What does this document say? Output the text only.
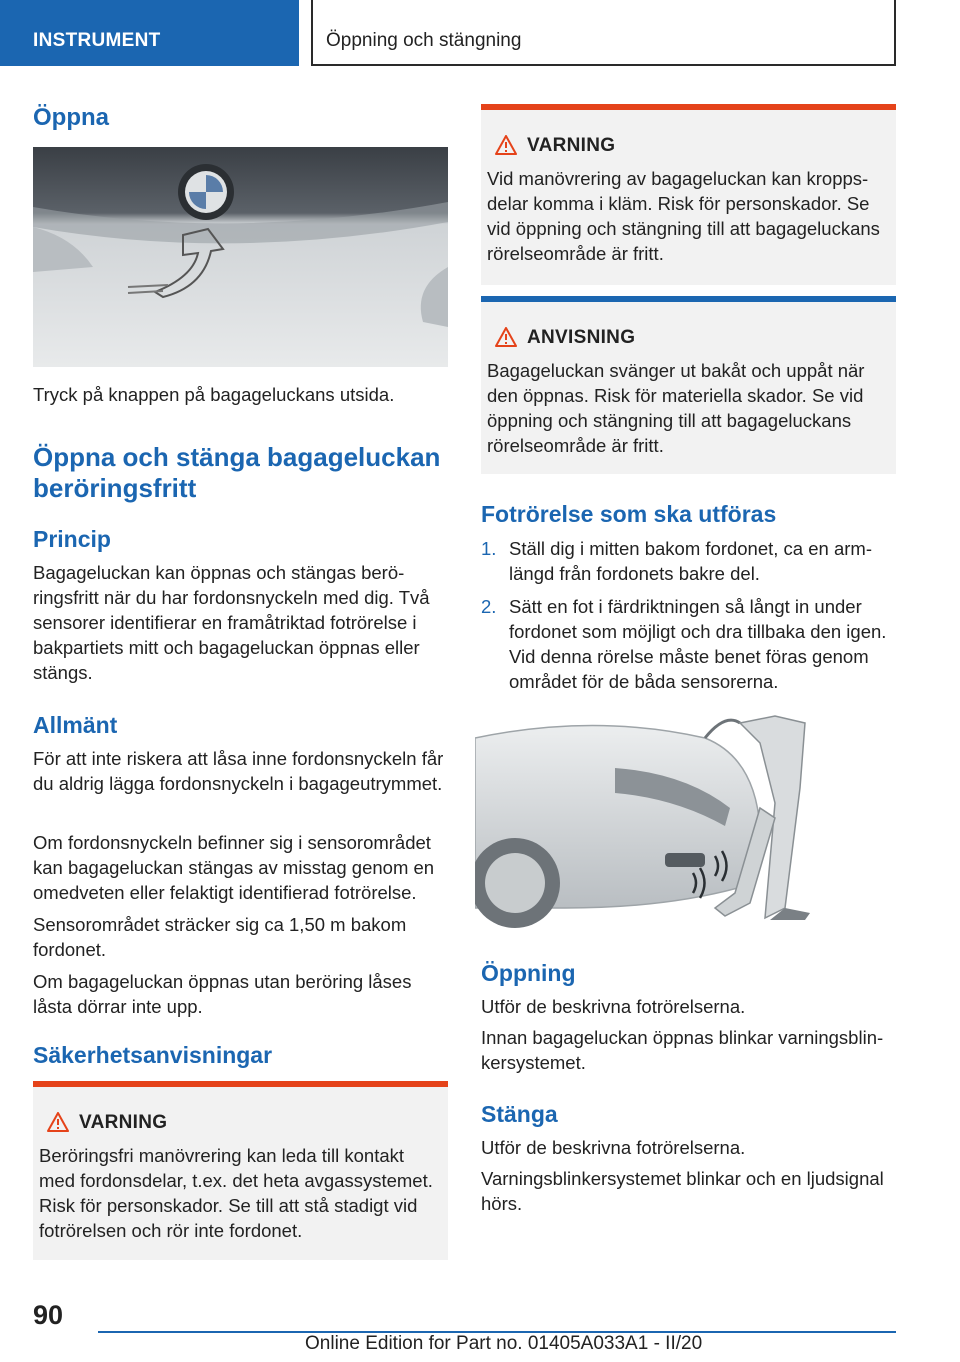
INSTRUMENT	Öppning och stängning
Öppna

Tryck på knappen på bagageluckans utsida.

Öppna och stänga bagageluckan
beröringsfritt
Princip

Bagageluckan kan öppnas och stängas beröringsfritt när du har fordonsnyckeln med dig. Två sensorer identifierar en framåtriktad fotrörelse i bakpartiets mitt och bagageluckan öppnas eller stängs.

Allmänt

För att inte riskera att låsa inne fordonsnyckeln får du aldrig lägga fordonsnyckeln i bagageutrymmet.

Om fordonsnyckeln befinner sig i sensorområdet kan bagageluckan stängas av misstag genom en omedveten eller felaktigt identifierad fotrörelse.

Sensorområdet sträcker sig ca 1,50 m bakom fordonet.

Om bagageluckan öppnas utan beröring låses låsta dörrar inte upp.

Säkerhetsanvisningar
VARNING
Beröringsfri manövrering kan leda till kontakt med fordonsdelar, t.ex. det heta avgassystemet. Risk för personskador. Se till att stå stadigt vid fotrörelsen och rör inte fordonet.
VARNING
Vid manövrering av bagageluckan kan kroppsdelar komma i kläm. Risk för personskador. Se vid öppning och stängning till att bagageluckans rörelseområde är fritt.
ANVISNING
Bagageluckan svänger ut bakåt och uppåt när den öppnas. Risk för materiella skador. Se vid öppning och stängning till att bagageluckans rörelseområde är fritt.
Fotrörelse som ska utföras
1. Ställ dig i mitten bakom fordonet, ca en armlängd från fordonets bakre del.
2. Sätt en fot i färdriktningen så långt in under fordonet som möjligt och dra tillbaka den igen. Vid denna rörelse måste benet föras genom området för de båda sensorerna.
Öppning

Utför de beskrivna fotrörelserna.

Innan bagageluckan öppnas blinkar varningsblinkersystemet.

Stänga

Utför de beskrivna fotrörelserna.

Varningsblinkersystemet blinkar och en ljudsignal hörs.

90
Online Edition for Part no. 01405A033A1 - II/20
